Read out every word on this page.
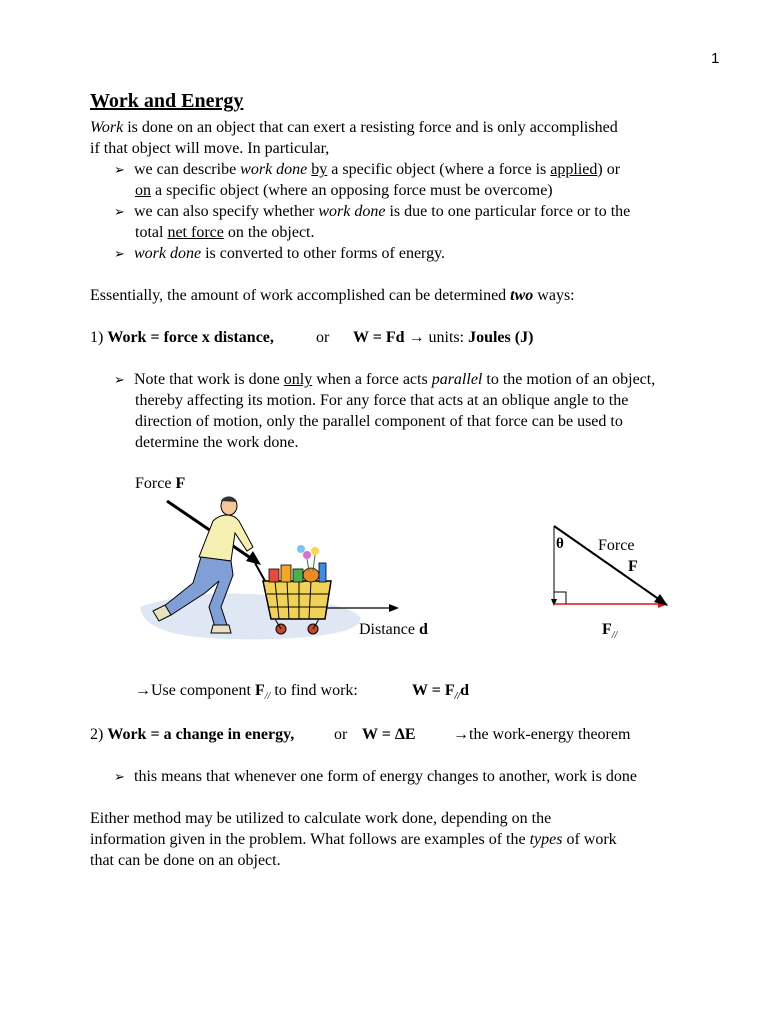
1
Work and Energy
Work is done on an object that can exert a resisting force and is only accomplished
if that object will move. In particular,
➢ we can describe work done by a specific object (where a force is applied) or
on a specific object (where an opposing force must be overcome)
➢ we can also specify whether work done is due to one particular force or to the
total net force on the object.
➢ work done is converted to other forms of energy.
Essentially, the amount of work accomplished can be determined two ways:
1) Work = force x distance,	or W = Fd → units: Joules (J)
➢ Note that work is done only when a force acts parallel to the motion of an object,
thereby affecting its motion. For any force that acts at an oblique angle to the
direction of motion, only the parallel component of that force can be used to
determine the work done.
Force F
Distance d
θ Force
F
$F_{//}$
→Use component $F_{//}$ to find work:	$W = F_{//}d$
2) Work = a change in energy, or W = ΔE →the work-energy theorem
➢ this means that whenever one form of energy changes to another, work is done
Either method may be utilized to calculate work done, depending on the
information given in the problem. What follows are examples of the types of work
that can be done on an object.
